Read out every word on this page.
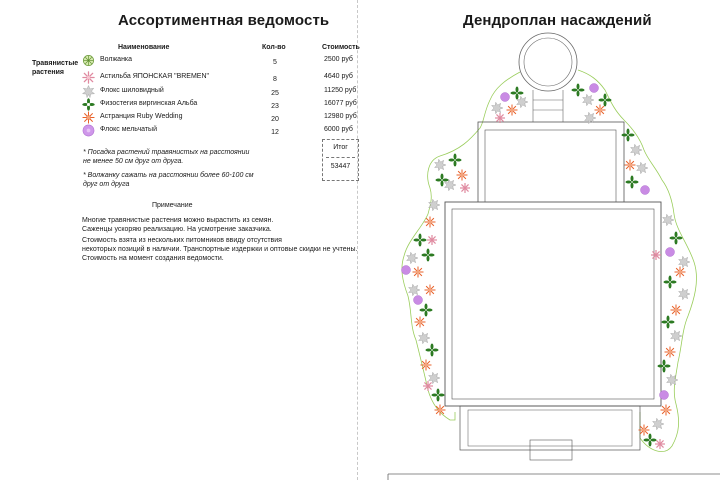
Ассортиментная ведомость	Дендроплан насаждений
Наименование	Кол-во	Стоимость
Травянистые
растения
Волжанка	5	2500 руб
Астильба ЯПОНСКАЯ "BREMEN"	8	4640 руб
Флокс шиловидный	25	11250 руб
Физостегия виргинская Альба	23	16077 руб
Астранция Ruby Wedding	20	12980 руб
Флокс мельчатый	12	6000 руб
Итог
53447
* Посадка растений травянистых на расстоянии
не менее 50 см друг от друга.
* Волжанку сажать на расстоянии более 60-100 см
друг от друга
Примечание
Многие травянистые растения можно вырастить из семян.
Саженцы ускоряю реализацию. На усмотрение заказчика.
Стоимость взята из нескольких питомников ввиду отсутствия
некоторых позиций в наличии. Транспортные издержки и оптовые скидки не учтены.
Стоимость на момент создания ведомости.
